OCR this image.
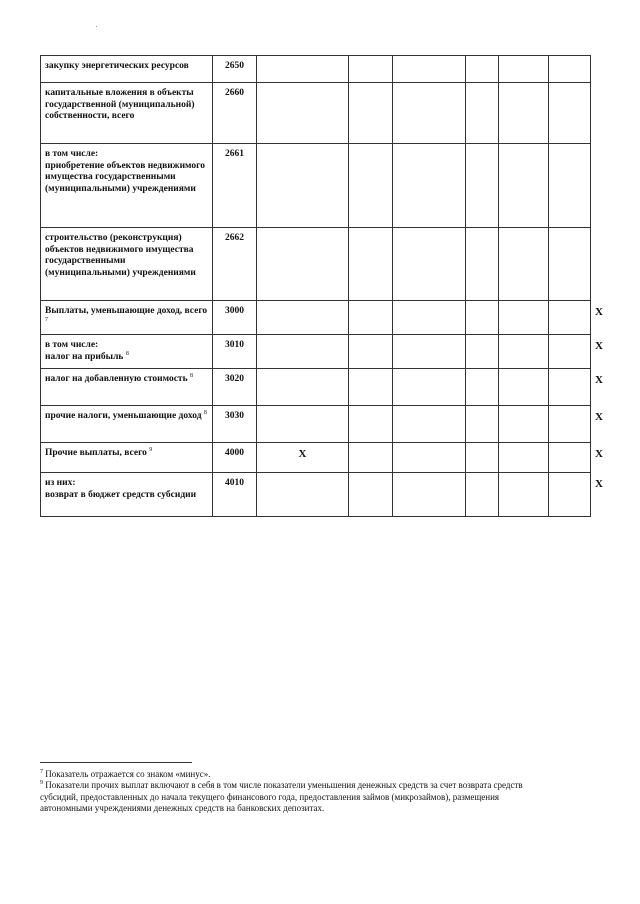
закупку энергетических ресурсов	2650							
капитальные вложения в объекты государственной (муниципальной) собственности, всего	2660							
в том числе:
приобретение объектов недвижимого имущества государственными (муниципальными) учреждениями	2661							
строительство (реконструкция) объектов недвижимого имущества государственными (муниципальными) учреждениями	2662							
Выплаты, уменьшающие доход, всего $^7$	3000							X
в том числе:
налог на прибыль $^8$	3010							X
налог на добавленную стоимость $^8$	3020							X
прочие налоги, уменьшающие доход $^8$	3030							X
Прочие выплаты, всего $^9$	4000	X						X
из них:
возврат в бюджет средств субсидии	4010							X

$^7$ Показатель отражается со знаком «минус».

$^9$ Показатели прочих выплат включают в себя в том числе показатели уменьшения денежных средств за счет возврата средств субсидий, предоставленных до начала текущего финансового года, предоставления займов (микрозаймов), размещения автономными учреждениями денежных средств на банковских депозитах.
